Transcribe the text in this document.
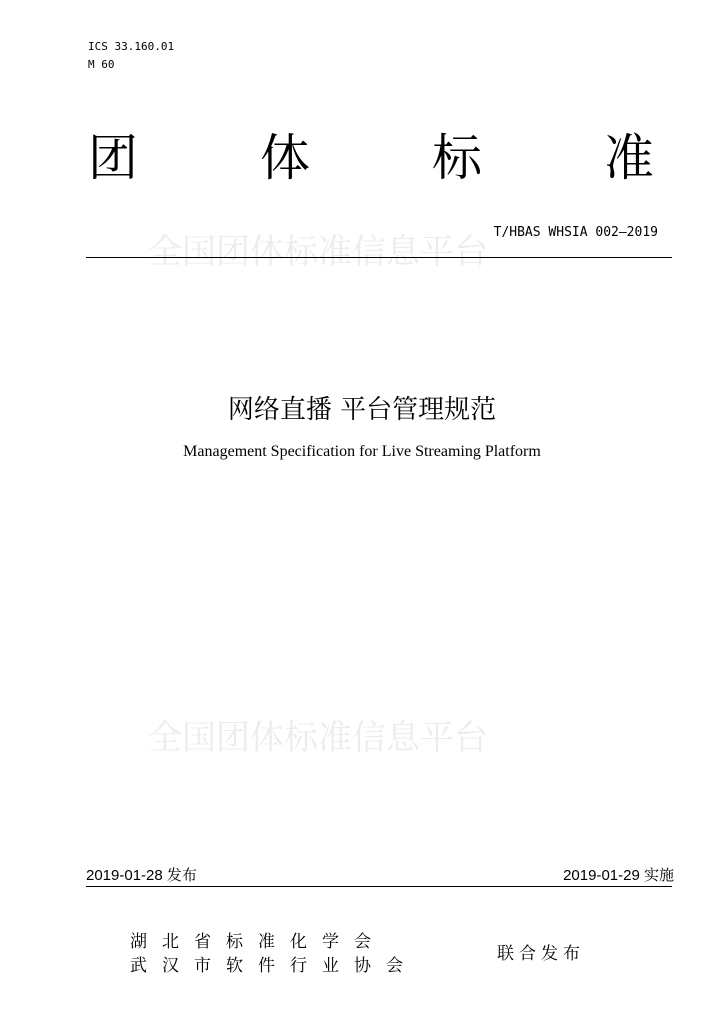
ICS 33.160.01
M 60
团 体 标 准
全国团体标准信息平台 T/HBAS WHSIA 002—2019
网络直播 平台管理规范
Management Specification for Live Streaming Platform
全国团体标准信息平台
2019-01-28 发布	2019-01-29 实施
湖北省标准化学会
武汉市软件行业协会
联合发布
